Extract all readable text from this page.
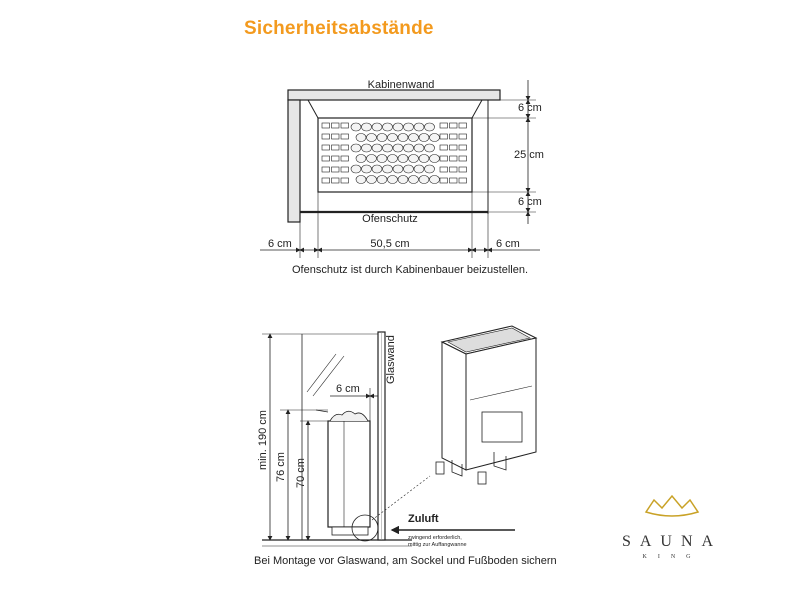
Sicherheitsabstände
Kabinenwand
Ofenschutz
6 cm
25 cm
6 cm
6 cm	50,5 cm	6 cm
Ofenschutz ist durch Kabinenbauer beizustellen.
Glaswand
6 cm
min. 190 cm 76 cm 70 cm
Zuluft
zwingend erforderlich,
mittig zur Auffangwanne
Bei Montage vor Glaswand, am Sockel und Fußboden sichern
SAUNA
KING
